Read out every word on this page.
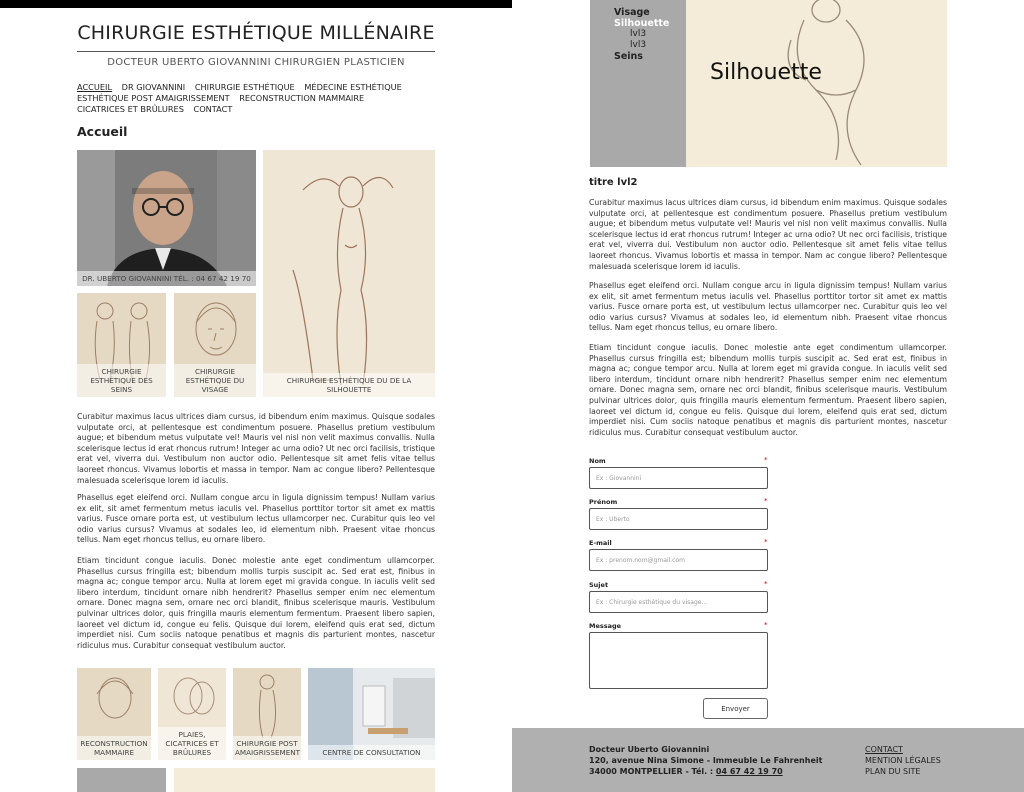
CHIRURGIE ESTHÉTIQUE MILLÉNAIRE
DOCTEUR UBERTO GIOVANNINI CHIRURGIEN PLASTICIEN
ACCUEIL DR GIOVANNINI CHIRURGIE ESTHÉTIQUE MÉDECINE ESTHÉTIQUE
ESTHÉTIQUE POST AMAIGRISSEMENT RECONSTRUCTION MAMMAIRE
CICATRICES ET BRÛLURES CONTACT
Accueil
DR. UBERTO GIOVANNINI TÉL. : 04 67 42 19 70
CHIRURGIE ESTHÉTIQUE DU DE LA SILHOUETTE
CHIRURGIE ESTHÉTIQUE DES SEINS
CHIRURGIE ESTHÉTIQUE DU VISAGE
Curabitur maximus lacus ultrices diam cursus, id bibendum enim maximus. Quisque sodales vulputate orci, at pellentesque est condimentum posuere. Phasellus pretium vestibulum augue; et bibendum metus vulputate vel! Mauris vel nisl non velit maximus convallis. Nulla scelerisque lectus id erat rhoncus rutrum! Integer ac urna odio? Ut nec orci facilisis, tristique erat vel, viverra dui. Vestibulum non auctor odio. Pellentesque sit amet felis vitae tellus laoreet rhoncus. Vivamus lobortis et massa in tempor. Nam ac congue libero? Pellentesque malesuada scelerisque lorem id iaculis.
Phasellus eget eleifend orci. Nullam congue arcu in ligula dignissim tempus! Nullam varius ex elit, sit amet fermentum metus iaculis vel. Phasellus porttitor tortor sit amet ex mattis varius. Fusce ornare porta est, ut vestibulum lectus ullamcorper nec. Curabitur quis leo vel odio varius cursus? Vivamus at sodales leo, id elementum nibh. Praesent vitae rhoncus tellus. Nam eget rhoncus tellus, eu ornare libero.
Etiam tincidunt congue iaculis. Donec molestie ante eget condimentum ullamcorper. Phasellus cursus fringilla est; bibendum mollis turpis suscipit ac. Sed erat est, finibus in magna ac; congue tempor arcu. Nulla at lorem eget mi gravida congue. In iaculis velit sed libero interdum, tincidunt ornare nibh hendrerit? Phasellus semper enim nec elementum ornare. Donec magna sem, ornare nec orci blandit, finibus scelerisque mauris. Vestibulum pulvinar ultrices dolor, quis fringilla mauris elementum fermentum. Praesent libero sapien, laoreet vel dictum id, congue eu felis. Quisque dui lorem, eleifend quis erat sed, dictum imperdiet nisi. Cum sociis natoque penatibus et magnis dis parturient montes, nascetur ridiculus mus. Curabitur consequat vestibulum auctor.
RECONSTRUCTION MAMMAIRE
PLAIES, CICATRICES ET BRÛLURES
CHIRURGIE POST AMAIGRISSEMENT	CENTRE DE CONSULTATION
Visage
Silhouette
lvl3
lvl3
Seins
Silhouette
titre lvl2
Curabitur maximus lacus ultrices diam cursus, id bibendum enim maximus. Quisque sodales vulputate orci, at pellentesque est condimentum posuere. Phasellus pretium vestibulum augue; et bibendum metus vulputate vel! Mauris vel nisl non velit maximus convallis. Nulla scelerisque lectus id erat rhoncus rutrum! Integer ac urna odio? Ut nec orci facilisis, tristique erat vel, viverra dui. Vestibulum non auctor odio. Pellentesque sit amet felis vitae tellus laoreet rhoncus. Vivamus lobortis et massa in tempor. Nam ac congue libero? Pellentesque malesuada scelerisque lorem id iaculis.
Phasellus eget eleifend orci. Nullam congue arcu in ligula dignissim tempus! Nullam varius ex elit, sit amet fermentum metus iaculis vel. Phasellus porttitor tortor sit amet ex mattis varius. Fusce ornare porta est, ut vestibulum lectus ullamcorper nec. Curabitur quis leo vel odio varius cursus? Vivamus at sodales leo, id elementum nibh. Praesent vitae rhoncus tellus. Nam eget rhoncus tellus, eu ornare libero.
Etiam tincidunt congue iaculis. Donec molestie ante eget condimentum ullamcorper. Phasellus cursus fringilla est; bibendum mollis turpis suscipit ac. Sed erat est, finibus in magna ac; congue tempor arcu. Nulla at lorem eget mi gravida congue. In iaculis velit sed libero interdum, tincidunt ornare nibh hendrerit? Phasellus semper enim nec elementum ornare. Donec magna sem, ornare nec orci blandit, finibus scelerisque mauris. Vestibulum pulvinar ultrices dolor, quis fringilla mauris elementum fermentum. Praesent libero sapien, laoreet vel dictum id, congue eu felis. Quisque dui lorem, eleifend quis erat sed, dictum imperdiet nisi. Cum sociis natoque penatibus et magnis dis parturient montes, nascetur ridiculus mus. Curabitur consequat vestibulum auctor.
Nom	*
Ex : Giovannini
Prénom	*
Ex : Uberto
E-mail	*
Ex : prenom.nom@gmail.com
Sujet	*
Ex : Chirurgie esthétique du visage...
Message	*
Envoyer
Docteur Uberto Giovannini
120, avenue Nina Simone - Immeuble Le Fahrenheit
34000 MONTPELLIER - Tél. : 04 67 42 19 70
CONTACT
MENTION LÉGALES
PLAN DU SITE
